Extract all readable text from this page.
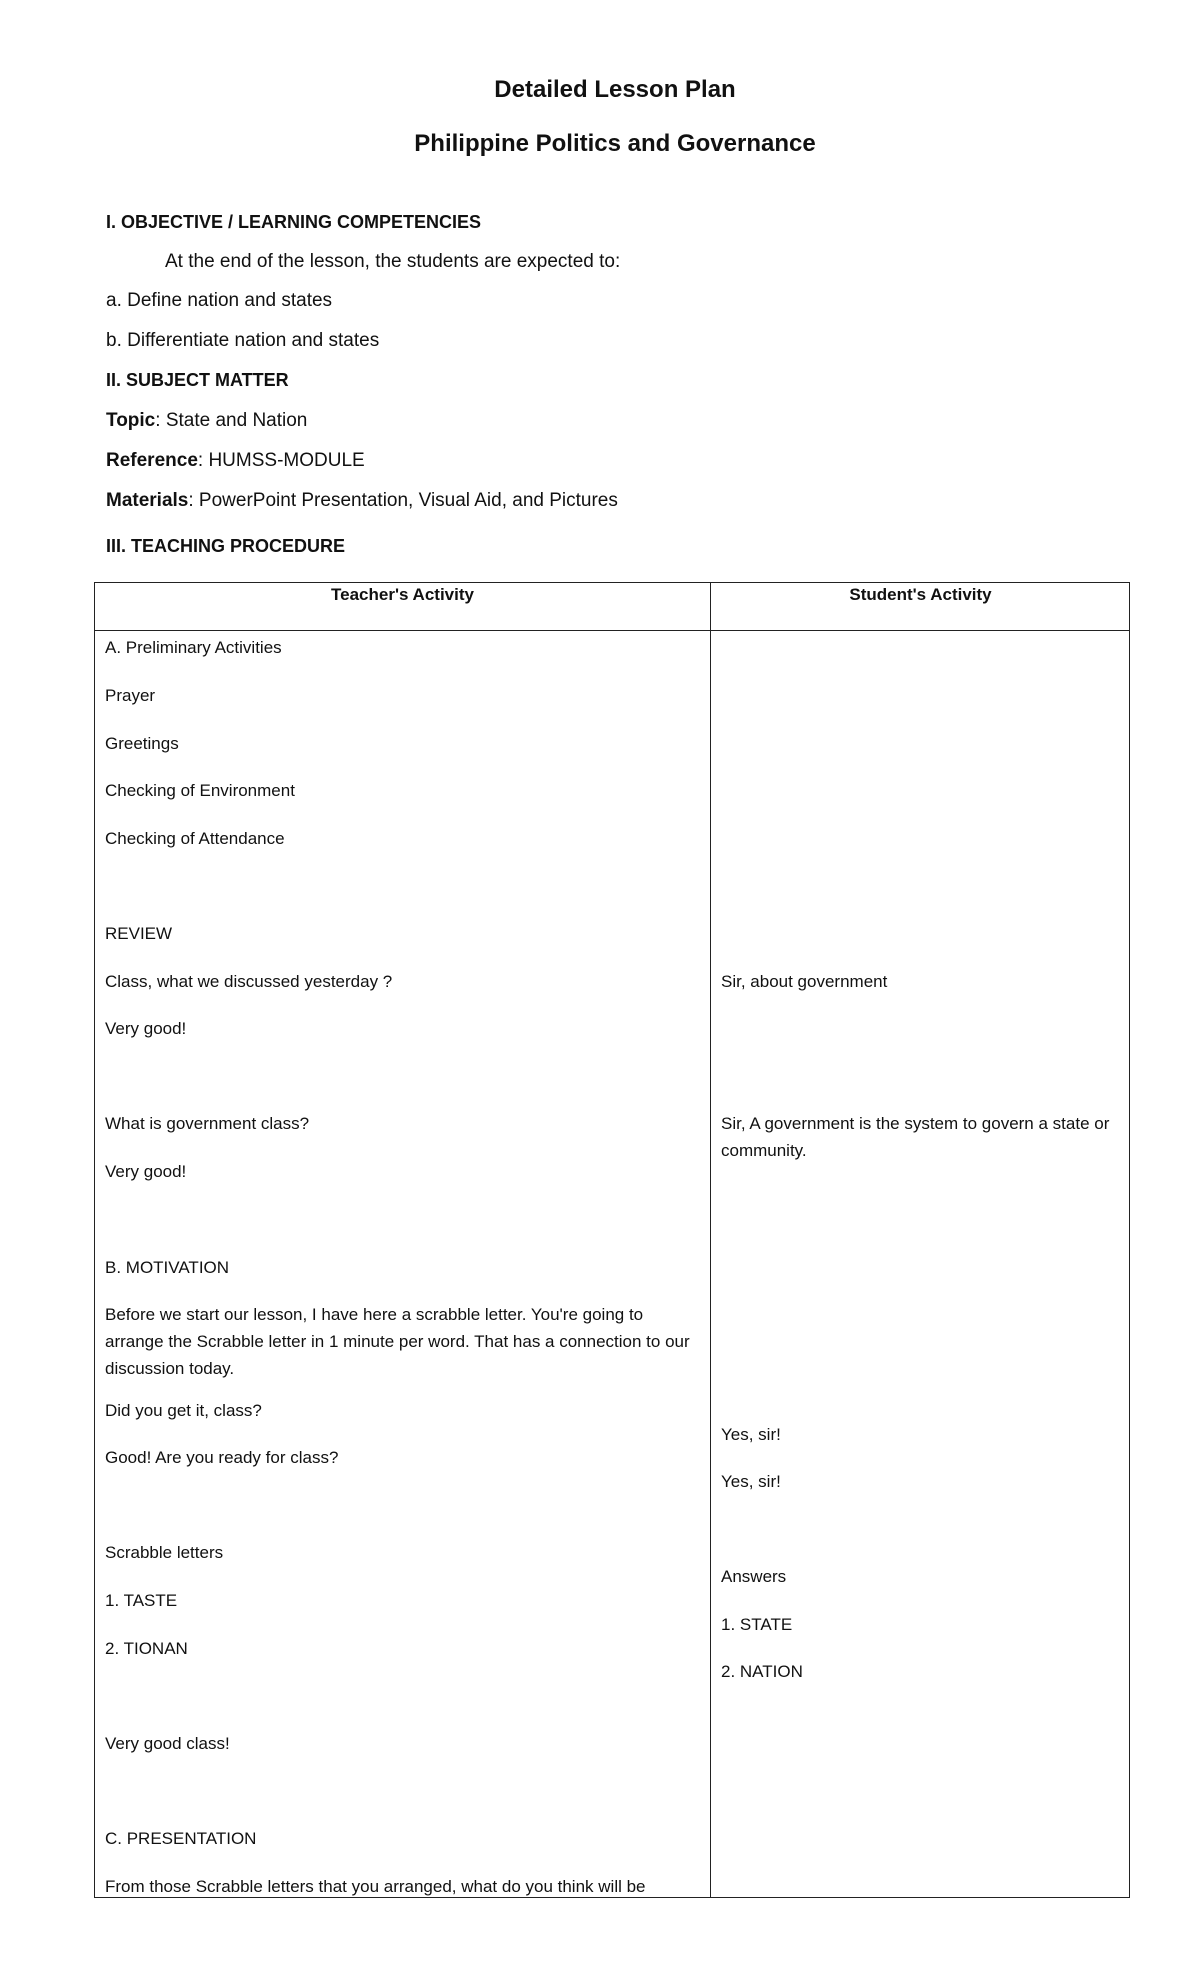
Detailed Lesson Plan
Philippine Politics and Governance
I. OBJECTIVE / LEARNING COMPETENCIES
At the end of the lesson, the students are expected to:
a. Define nation and states
b. Differentiate nation and states
II. SUBJECT MATTER
Topic: State and Nation
Reference: HUMSS-MODULE
Materials: PowerPoint Presentation, Visual Aid, and Pictures
III. TEACHING PROCEDURE
Teacher's Activity	Student's Activity
A. Preliminary Activities
Prayer
Greetings
Checking of Environment
Checking of Attendance
REVIEW
Class, what we discussed yesterday ?
Very good!
What is government class?
Very good!
B. MOTIVATION
Before we start our lesson, I have here a scrabble letter. You're going to arrange the Scrabble letter in 1 minute per word. That has a connection to our discussion today.
Did you get it, class?
Good! Are you ready for class?
Scrabble letters
1. TASTE
2. TIONAN
Very good class!
C. PRESENTATION
From those Scrabble letters that you arranged, what do you think will be
Sir, about government
Sir, A government is the system to govern a state or community.
Yes, sir!
Yes, sir!
Answers
1. STATE
2. NATION
